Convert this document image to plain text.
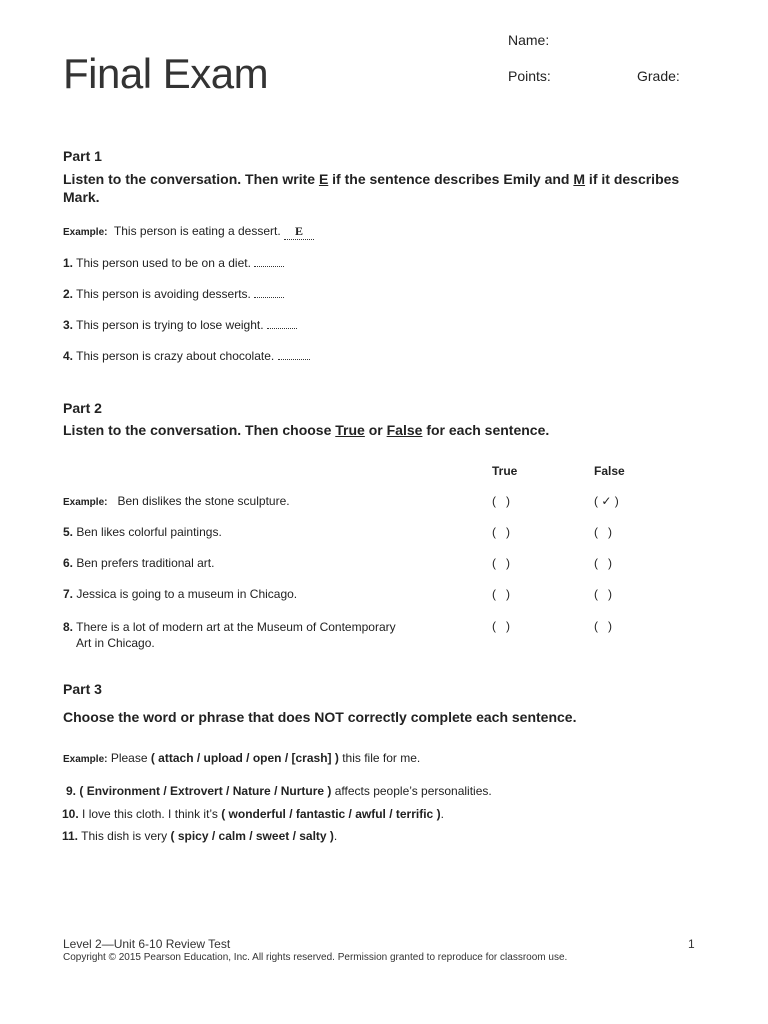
Final Exam
Name:
Points:	Grade:
Part 1
Listen to the conversation. Then write E if the sentence describes Emily and M if it describes Mark.
Example: This person is eating a dessert. E
1. This person used to be on a diet.
2. This person is avoiding desserts.
3. This person is trying to lose weight.
4. This person is crazy about chocolate.
Part 2
Listen to the conversation. Then choose True or False for each sentence.
True	False
Example: Ben dislikes the stone sculpture.	(   )	( ✓ )
5. Ben likes colorful paintings.	(   )	(   )
6. Ben prefers traditional art.	(   )	(   )
7. Jessica is going to a museum in Chicago.	(   )	(   )
8. There is a lot of modern art at the Museum of Contemporary
Art in Chicago.
(   )	(   )
Part 3
Choose the word or phrase that does NOT correctly complete each sentence.
Example: Please ( attach / upload / open / [crash] ) this file for me.
9. ( Environment / Extrovert / Nature / Nurture ) affects people’s personalities.
10. I love this cloth. I think it’s ( wonderful / fantastic / awful / terrific ).
11. This dish is very ( spicy / calm / sweet / salty ).
Level 2—Unit 6-10 Review Test	1
Copyright © 2015 Pearson Education, Inc. All rights reserved. Permission granted to reproduce for classroom use.
